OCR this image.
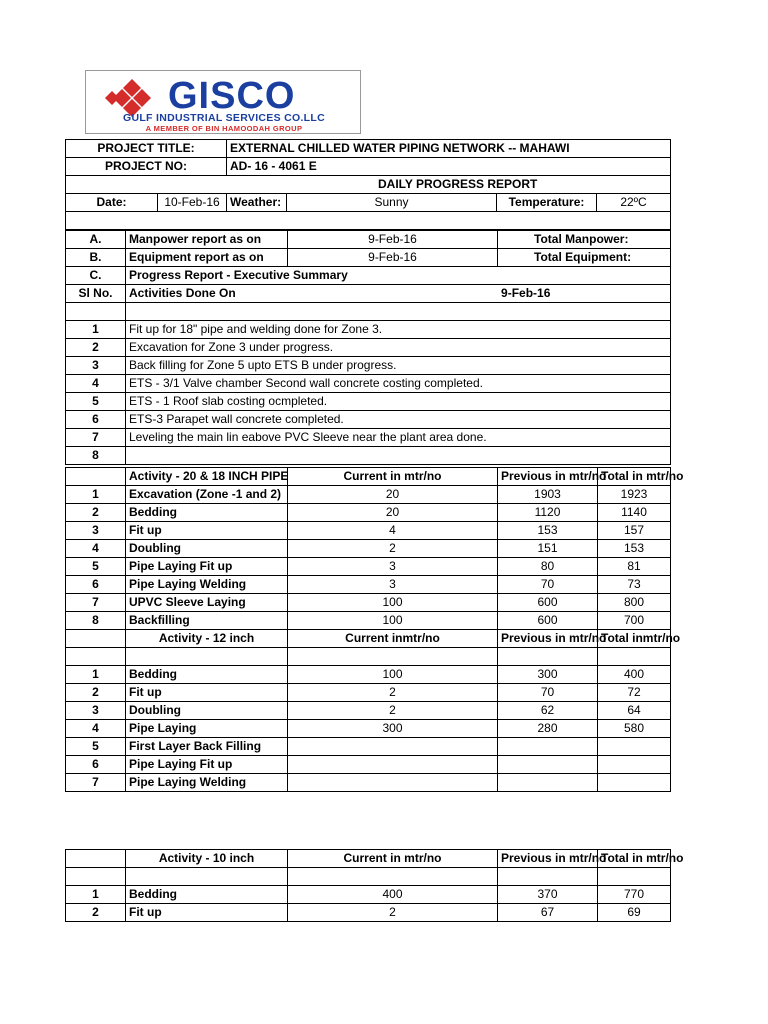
GISCO
GULF INDUSTRIAL SERVICES CO.LLC
A MEMBER OF BIN HAMOODAH GROUP
PROJECT TITLE:		EXTERNAL CHILLED WATER PIPING NETWORK -- MAHAWI			
PROJECT NO:		AD- 16 - 4061 E			
DAILY PROGRESS REPORT					
Date:	10-Feb-16	Weather:	Sunny	Temperature:	22ºC

A.	Manpower report as on	9-Feb-16	Total Manpower:
B.	Equipment report as on	9-Feb-16	Total Equipment:
C.	Progress Report - Executive Summary		
Sl No.	Activities Done On 9-Feb-16		

1	Fit up for 18" pipe and welding done for Zone 3.		
2	Excavation for Zone 3 under progress.		
3	Back filling for Zone 5 upto ETS B under progress.		
4	ETS - 3/1 Valve chamber Second wall concrete costing completed.		
5	ETS - 1 Roof slab costing ocmpleted.		
6	ETS-3 Parapet wall concrete completed.		
7	Leveling the main lin eabove PVC Sleeve near the plant area done.		
8			
	Activity - 20 & 18 INCH PIPE	Current in mtr/no	Previous in mtr/no	Total in mtr/no
1	Excavation (Zone -1 and 2)	20	1903	1923
2	Bedding	20	1120	1140
3	Fit up	4	153	157
4	Doubling	2	151	153
5	Pipe Laying Fit up	3	80	81
6	Pipe Laying Welding	3	70	73
7	UPVC Sleeve Laying	100	600	800
8	Backfilling	100	600	700
	Activity - 12 inch	Current inmtr/no	Previous in mtr/no	Total inmtr/no

1	Bedding	100	300	400
2	Fit up	2	70	72
3	Doubling	2	62	64
4	Pipe Laying	300	280	580
5	First Layer Back Filling			
6	Pipe Laying Fit up			
7	Pipe Laying Welding			
	Activity - 10 inch	Current in mtr/no	Previous in mtr/no	Total in mtr/no

1	Bedding	400	370	770
2	Fit up	2	67	69
